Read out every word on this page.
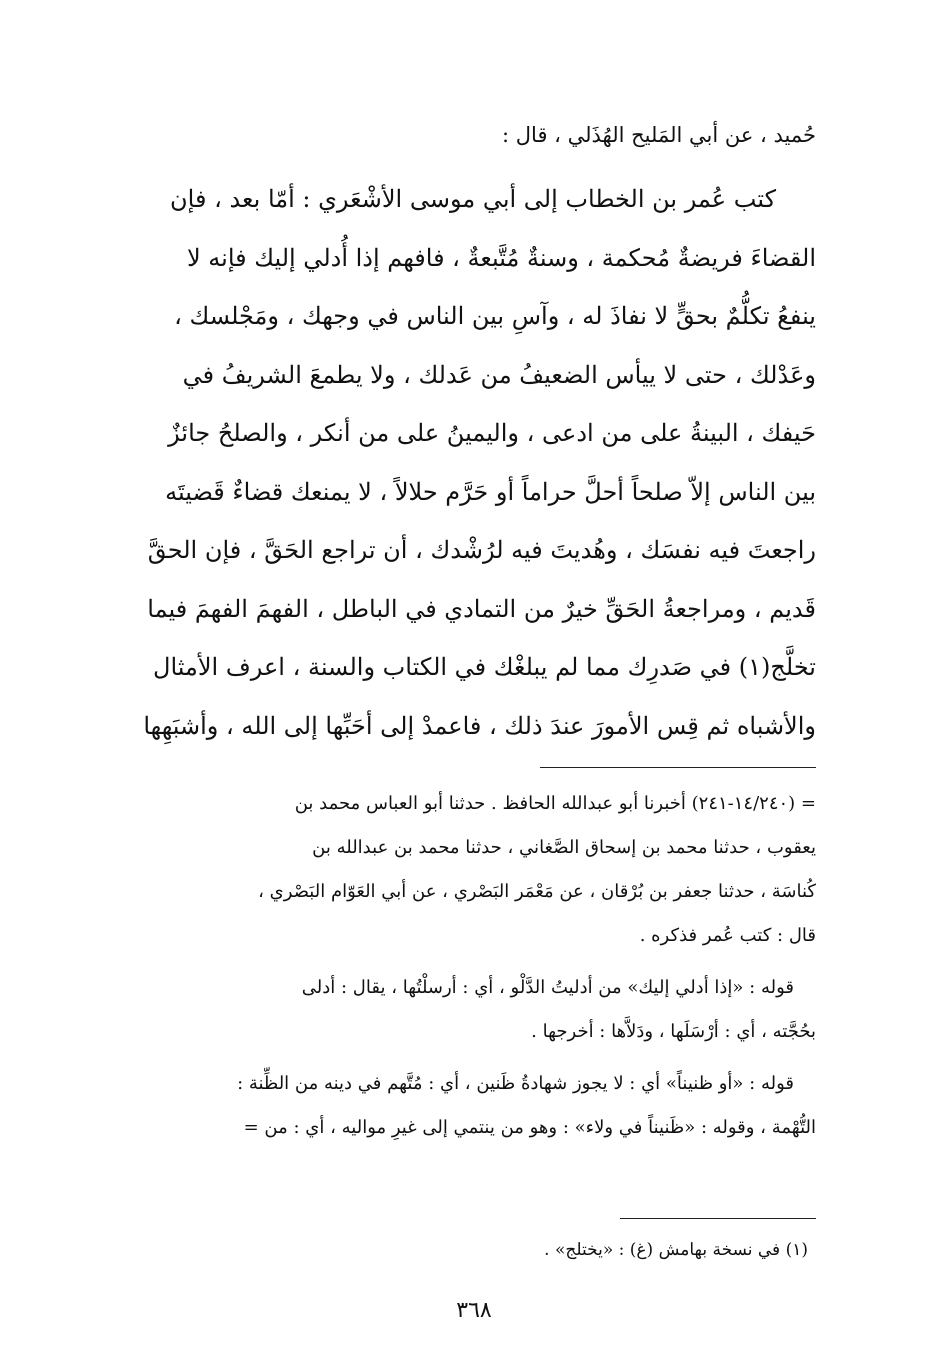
حُميد ، عن أبي المَليح الهُذَلي ، قال :
كتب عُمر بن الخطاب إلى أبي موسى الأشْعَري : أمّا بعد ، فإن
القضاءَ فريضةٌ مُحكمة ، وسنةٌ مُتَّبعةٌ ، فافهم إذا أُدلي إليك فإنه لا
ينفعُ تكلُّمٌ بحقٍّ لا نفاذَ له ، وآسِ بين الناس في وجهك ، ومَجْلسك ،
وعَدْلك ، حتى لا ييأس الضعيفُ من عَدلك ، ولا يطمعَ الشريفُ في
حَيفك ، البينةُ على من ادعى ، واليمينُ على من أنكر ، والصلحُ جائزٌ
بين الناس إلاّ صلحاً أحلَّ حراماً أو حَرَّم حلالاً ، لا يمنعك قضاءٌ قَضيتَه
راجعتَ فيه نفسَك ، وهُديتَ فيه لرُشْدك ، أن تراجع الحَقَّ ، فإن الحقَّ
قَديم ، ومراجعةُ الحَقِّ خيرٌ من التمادي في الباطل ، الفهمَ الفهمَ فيما
تخلَّج(١) في صَدرِك مما لم يبلغْك في الكتاب والسنة ، اعرف الأمثال
والأشباه ثم قِس الأمورَ عندَ ذلك ، فاعمدْ إلى أحَبِّها إلى الله ، وأشبَهِها
= (١٤/٢٤٠-٢٤١) أخبرنا أبو عبدالله الحافظ . حدثنا أبو العباس محمد بن
يعقوب ، حدثنا محمد بن إسحاق الصَّغاني ، حدثنا محمد بن عبدالله بن
كُناسَة ، حدثنا جعفر بن بُرْقان ، عن مَعْمَر البَصْري ، عن أبي العَوّام البَصْري ،
قال : كتب عُمر فذكره .
قوله : «إذا أدلي إليك» من أدليتُ الدَّلْو ، أي : أرسلْتُها ، يقال : أدلى
بحُجَّته ، أي : أرْسَلَها ، ودَلاَّها : أخرجها .
قوله : «أو ظنيناً» أي : لا يجوز شهادةُ ظَنين ، أي : مُتَّهم في دينه من الظِّنة :
التُّهْمة ، وقوله : «ظَنيناً في ولاء» : وهو من ينتمي إلى غيرِ مواليه ، أي : من =
(١) في نسخة بهامش (غ) : «يختلج» .
٣٦٨
